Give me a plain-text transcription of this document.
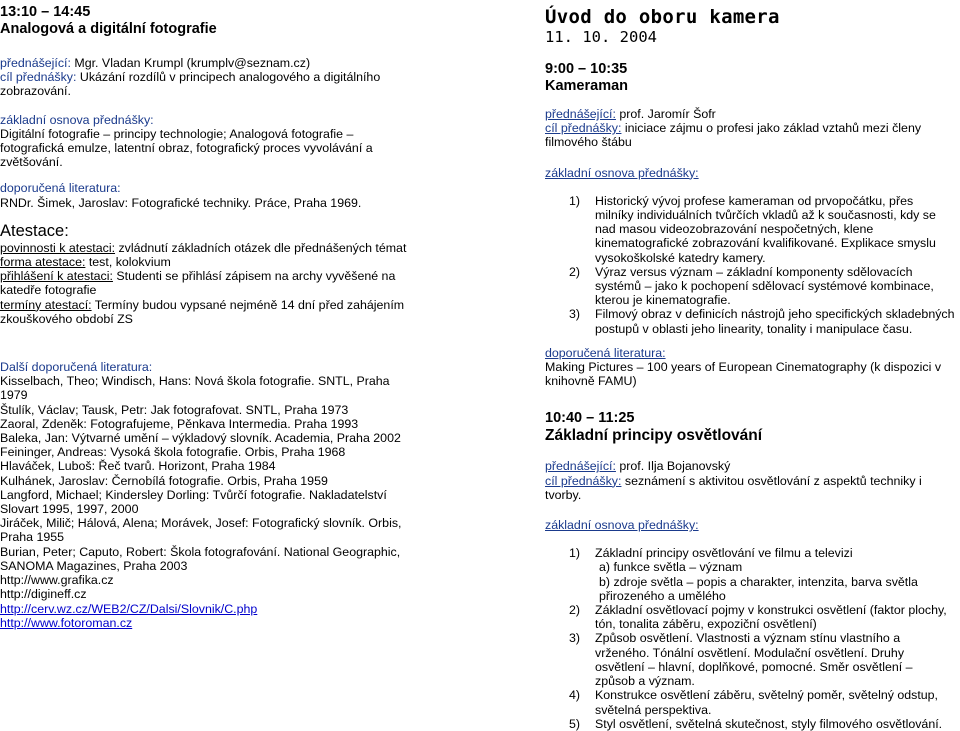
13:10 – 14:45

Analogová a digitální fotografie

přednášející: Mgr. Vladan Krumpl (krumplv@seznam.cz)

cíl přednášky: Ukázání rozdílů v principech analogového a digitálního zobrazování.

základní osnova přednášky:

Digitální fotografie – principy technologie; Analogová fotografie – fotografická emulze, latentní obraz, fotografický proces vyvolávání a zvětšování.

doporučená literatura:

RNDr. Šimek, Jaroslav: Fotografické techniky. Práce, Praha 1969.

Atestace:

povinnosti k atestaci: zvládnutí základních otázek dle přednášených témat

forma atestace: test, kolokvium

přihlášení k atestaci: Studenti se přihlásí zápisem na archy vyvěšené na katedře fotografie

termíny atestací: Termíny budou vypsané nejméně 14 dní před zahájením zkouškového období ZS

Další doporučená literatura:

Kisselbach, Theo; Windisch, Hans: Nová škola fotografie. SNTL, Praha 1979

Štulík, Václav; Tausk, Petr: Jak fotografovat. SNTL, Praha 1973

Zaoral, Zdeněk: Fotografujeme, Pěnkava Intermedia. Praha 1993

Baleka, Jan: Výtvarné umění – výkladový slovník. Academia, Praha 2002

Feininger, Andreas: Vysoká škola fotografie. Orbis, Praha 1968

Hlaváček, Luboš: Řeč tvarů. Horizont, Praha 1984

Kulhánek, Jaroslav: Černobílá fotografie. Orbis, Praha 1959

Langford, Michael; Kindersley Dorling: Tvůrčí fotografie. Nakladatelství Slovart 1995, 1997, 2000

Jiráček, Milič; Hálová, Alena; Morávek, Josef: Fotografický slovník. Orbis, Praha 1955

Burian, Peter; Caputo, Robert: Škola fotografování. National Geographic, SANOMA Magazines, Praha 2003

http://www.grafika.cz

http://digineff.cz

http://cerv.wz.cz/WEB2/CZ/Dalsi/Slovnik/C.php

http://www.fotoroman.cz

Úvod do oboru kamera

11. 10. 2004

9:00 – 10:35

Kameraman

přednášející: prof. Jaromír Šofr

cíl přednášky: iniciace zájmu o profesi jako základ vztahů mezi členy filmového štábu

základní osnova přednášky:

1) Historický vývoj profese kameraman od prvopočátku, přes milníky individuálních tvůrčích vkladů až k současnosti, kdy se nad masou videozobrazování nespočetných, klene kinematografické zobrazování kvalifikované. Explikace smyslu vysokoškolské katedry kamery.
2) Výraz versus význam – základní komponenty sdělovacích systémů – jako k pochopení sdělovací systémové kombinace, kterou je kinematografie.
3) Filmový obraz v definicích nástrojů jeho specifických skladebných postupů v oblasti jeho linearity, tonality i manipulace času.

doporučená literatura:

Making Pictures – 100 years of European Cinematography (k dispozici v knihovně FAMU)

10:40 – 11:25

Základní principy osvětlování

přednášející: prof. Ilja Bojanovský

cíl přednášky: seznámení s aktivitou osvětlování z aspektů techniky i tvorby.

základní osnova přednášky:

1) Základní principy osvětlování ve filmu a televizi
a) funkce světla – význam
b) zdroje světla – popis a charakter, intenzita, barva světla přirozeného a umělého
2) Základní osvětlovací pojmy v konstrukci osvětlení (faktor plochy, tón, tonalita záběru, expoziční osvětlení)
3) Způsob osvětlení. Vlastnosti a význam stínu vlastního a vrženého. Tónální osvětlení. Modulační osvětlení. Druhy osvětlení – hlavní, doplňkové, pomocné. Směr osvětlení – způsob a význam.
4) Konstrukce osvětlení záběru, světelný poměr, světelný odstup, světelná perspektiva.
5) Styl osvětlení, světelná skutečnost, styly filmového osvětlování.
